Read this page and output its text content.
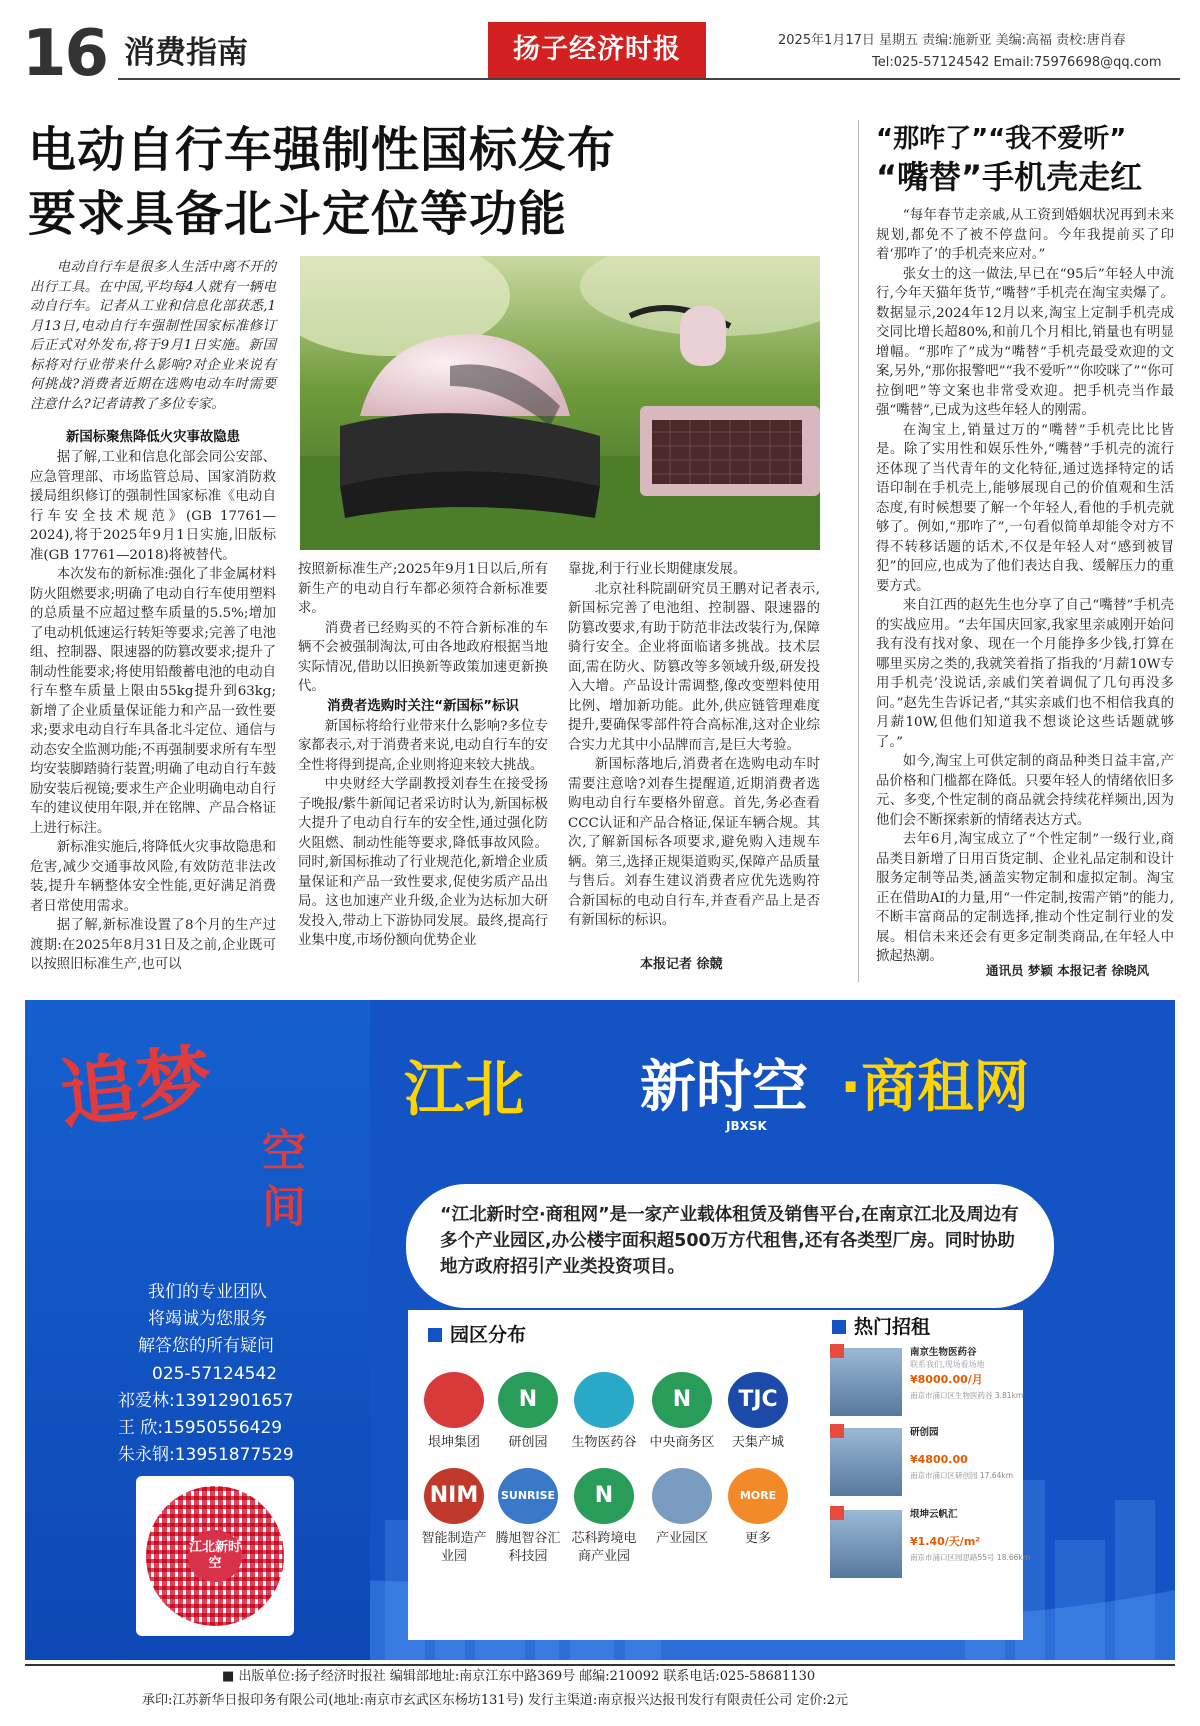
16 消费指南	扬子经济时报	2025年1月17日 星期五 责编:施新亚 美编:高福 责校:唐肖春
Tel:025-57124542 Email:75976698@qq.com
电动自行车强制性国标发布
要求具备北斗定位等功能

电动自行车是很多人生活中离不开的出行工具。在中国,平均每4人就有一辆电动自行车。记者从工业和信息化部获悉,1月13日,电动自行车强制性国家标准修订后正式对外发布,将于9月1日实施。新国标将对行业带来什么影响?对企业来说有何挑战?消费者近期在选购电动车时需要注意什么?记者请教了多位专家。

新国标聚焦降低火灾事故隐患

据了解,工业和信息化部会同公安部、应急管理部、市场监管总局、国家消防救援局组织修订的强制性国家标准《电动自行车安全技术规范》(GB 17761—2024),将于2025年9月1日实施,旧版标准(GB 17761—2018)将被替代。

本次发布的新标准:强化了非金属材料防火阻燃要求;明确了电动自行车使用塑料的总质量不应超过整车质量的5.5%;增加了电动机低速运行转矩等要求;完善了电池组、控制器、限速器的防篡改要求;提升了制动性能要求;将使用铅酸蓄电池的电动自行车整车质量上限由55kg提升到63kg;新增了企业质量保证能力和产品一致性要求;要求电动自行车具备北斗定位、通信与动态安全监测功能;不再强制要求所有车型均安装脚踏骑行装置;明确了电动自行车鼓励安装后视镜;要求生产企业明确电动自行车的建议使用年限,并在铭牌、产品合格证上进行标注。

新标准实施后,将降低火灾事故隐患和危害,减少交通事故风险,有效防范非法改装,提升车辆整体安全性能,更好满足消费者日常使用需求。

据了解,新标准设置了8个月的生产过渡期:在2025年8月31日及之前,企业既可以按照旧标准生产,也可以

按照新标准生产;2025年9月1日以后,所有新生产的电动自行车都必须符合新标准要求。

消费者已经购买的不符合新标准的车辆不会被强制淘汰,可由各地政府根据当地实际情况,借助以旧换新等政策加速更新换代。

消费者选购时关注“新国标”标识

新国标将给行业带来什么影响?多位专家都表示,对于消费者来说,电动自行车的安全性将得到提高,企业则将迎来较大挑战。

中央财经大学副教授刘春生在接受扬子晚报/紫牛新闻记者采访时认为,新国标极大提升了电动自行车的安全性,通过强化防火阻燃、制动性能等要求,降低事故风险。同时,新国标推动了行业规范化,新增企业质量保证和产品一致性要求,促使劣质产品出局。这也加速产业升级,企业为达标加大研发投入,带动上下游协同发展。最终,提高行业集中度,市场份额向优势企业

靠拢,利于行业长期健康发展。

北京社科院副研究员王鹏对记者表示,新国标完善了电池组、控制器、限速器的防篡改要求,有助于防范非法改装行为,保障骑行安全。企业将面临诸多挑战。技术层面,需在防火、防篡改等多领域升级,研发投入大增。产品设计需调整,像改变塑料使用比例、增加新功能。此外,供应链管理难度提升,要确保零部件符合高标准,这对企业综合实力尤其中小品牌而言,是巨大考验。

新国标落地后,消费者在选购电动车时需要注意啥?刘春生提醒道,近期消费者选购电动自行车要格外留意。首先,务必查看CCC认证和产品合格证,保证车辆合规。其次,了解新国标各项要求,避免购入违规车辆。第三,选择正规渠道购买,保障产品质量与售后。刘春生建议消费者应优先选购符合新国标的电动自行车,并查看产品上是否有新国标的标识。

本报记者 徐競
“那咋了”“我不爱听”
“嘴替”手机壳走红

“每年春节走亲戚,从工资到婚姻状况再到未来规划,都免不了被不停盘问。今年我提前买了印着‘那咋了’的手机壳来应对。”

张女士的这一做法,早已在“95后”年轻人中流行,今年天猫年货节,“嘴替”手机壳在淘宝卖爆了。数据显示,2024年12月以来,淘宝上定制手机壳成交同比增长超80%,和前几个月相比,销量也有明显增幅。“那咋了”成为“嘴替”手机壳最受欢迎的文案,另外,“那你报警吧”“我不爱听”“你咬咪了”“你可拉倒吧”等文案也非常受欢迎。把手机壳当作最强“嘴替”,已成为这些年轻人的刚需。

在淘宝上,销量过万的“嘴替”手机壳比比皆是。除了实用性和娱乐性外,“嘴替”手机壳的流行还体现了当代青年的文化特征,通过选择特定的话语印制在手机壳上,能够展现自己的价值观和生活态度,有时候想要了解一个年轻人,看他的手机壳就够了。例如,“那咋了”,一句看似简单却能令对方不得不转移话题的话术,不仅是年轻人对“感到被冒犯”的回应,也成为了他们表达自我、缓解压力的重要方式。

来自江西的赵先生也分享了自己“嘴替”手机壳的实战应用。“去年国庆回家,我家里亲戚刚开始问我有没有找对象、现在一个月能挣多少钱,打算在哪里买房之类的,我就笑着指了指我的‘月薪10W专用手机壳’没说话,亲戚们笑着调侃了几句再没多问。”赵先生告诉记者,“其实亲戚们也不相信我真的月薪10W,但他们知道我不想谈论这些话题就够了。”

如今,淘宝上可供定制的商品种类日益丰富,产品价格和门槛都在降低。只要年轻人的情绪依旧多元、多变,个性定制的商品就会持续花样频出,因为他们会不断探索新的情绪表达方式。

去年6月,淘宝成立了“个性定制”一级行业,商品类目新增了日用百货定制、企业礼品定制和设计服务定制等品类,涵盖实物定制和虚拟定制。淘宝正在借助AI的力量,用“一件定制,按需产销”的能力,不断丰富商品的定制选择,推动个性定制行业的发展。相信未来还会有更多定制类商品,在年轻人中掀起热潮。

通讯员 梦颖 本报记者 徐晓风
追梦
空
间
我们的专业团队
将竭诚为您服务
解答您的所有疑问
025-57124542
祁爱林:13912901657
王 欣:15950556429
朱永钢:13951877529
江北新时空
江北 新时空 ·商租网
JBXSK
“江北新时空·商租网”是一家产业载体租赁及销售平台,在南京江北及周边有多个产业园区,办公楼宇面积超500万方代租售,还有各类型厂房。同时协助地方政府招引产业类投资项目。
园区分布	热门招租
垠坤集团
N
研创园	生物医药谷
N
中央商务区
TJC
天集产城
NIM
智能制造产业园
SUNRISE
腾旭智谷汇科技园
N
芯科跨境电商产业园
产业园区
MORE
更多
南京生物医药谷
联系我们,现场看场地
¥8000.00/月
南京市浦口区生物医药谷 3.81km
研创园
¥4800.00
南京市浦口区研创园 17.64km
垠坤云帆汇
¥1.40/天/m²
南京市浦口区园思路55号 18.66km
■ 出版单位:扬子经济时报社 编辑部地址:南京江东中路369号 邮编:210092 联系电话:025-58681130
承印:江苏新华日报印务有限公司(地址:南京市玄武区东杨坊131号) 发行主渠道:南京报兴达报刊发行有限责任公司 定价:2元
